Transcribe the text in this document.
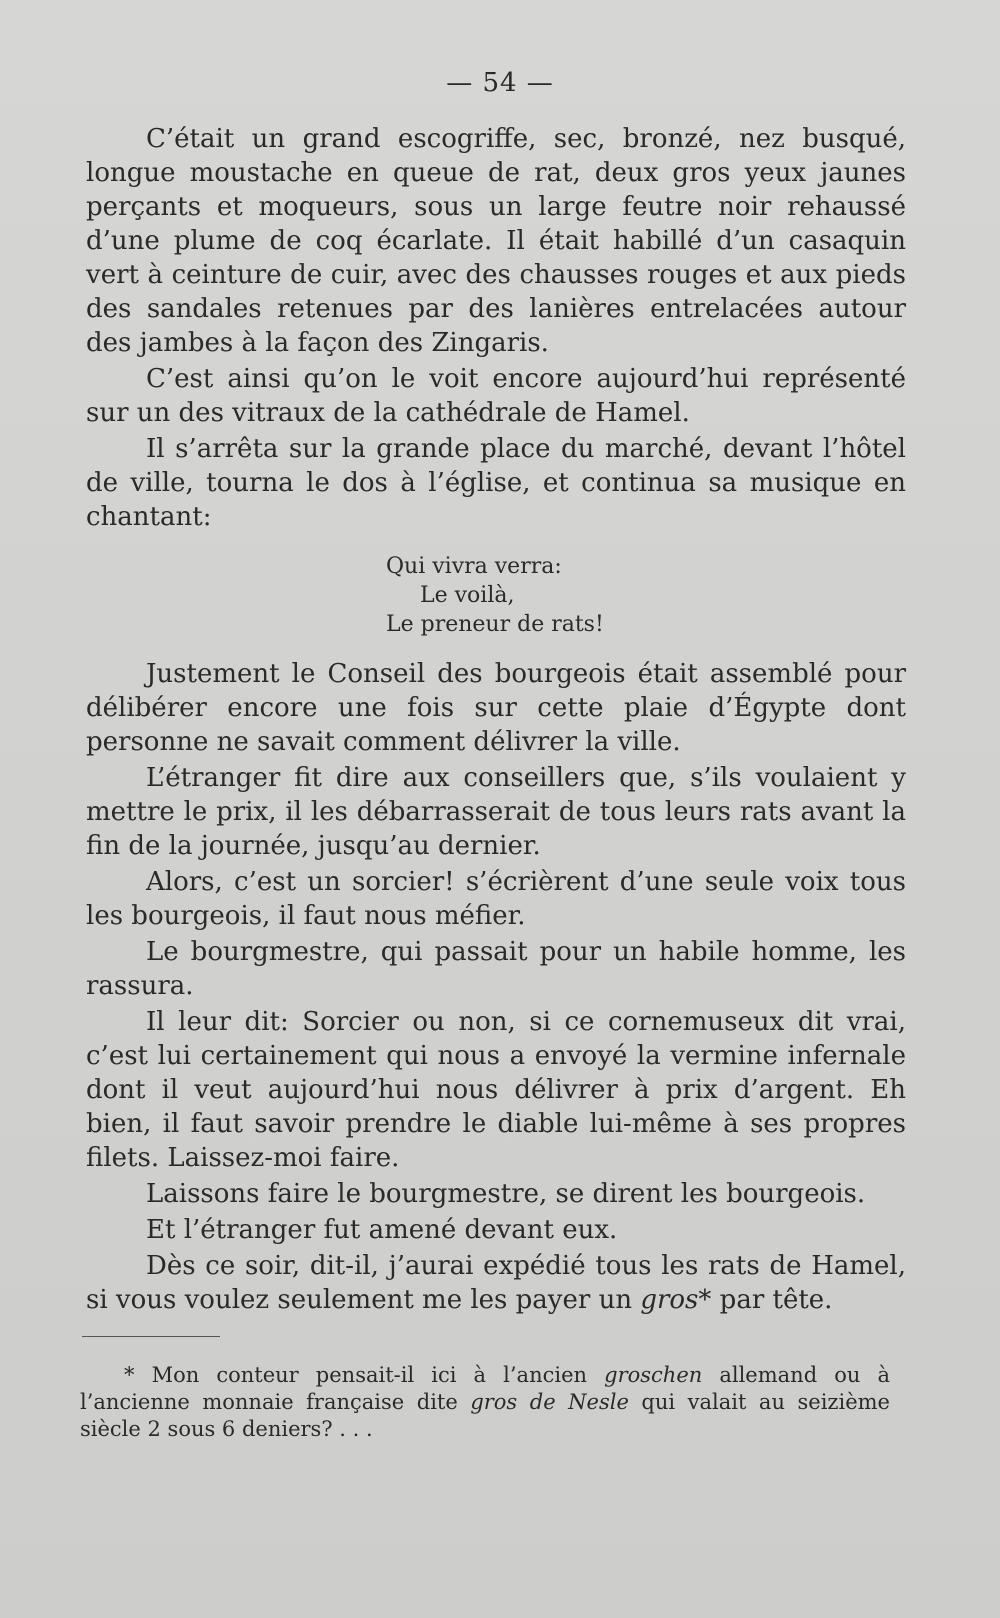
— 54 —

C’était un grand escogriffe, sec, bronzé, nez busqué, longue moustache en queue de rat, deux gros yeux jaunes perçants et moqueurs, sous un large feutre noir rehaussé d’une plume de coq écarlate. Il était habillé d’un casaquin vert à ceinture de cuir, avec des chausses rouges et aux pieds des sandales retenues par des lanières entrelacées autour des jambes à la façon des Zingaris.

C’est ainsi qu’on le voit encore aujourd’hui représenté sur un des vitraux de la cathédrale de Hamel.

Il s’arrêta sur la grande place du marché, devant l’hôtel de ville, tourna le dos à l’église, et continua sa musique en chantant:

Qui vivra verra:
Le voilà,
Le preneur de rats!

Justement le Conseil des bourgeois était assemblé pour délibérer encore une fois sur cette plaie d’Égypte dont personne ne savait comment délivrer la ville.

L’étranger fit dire aux conseillers que, s’ils voulaient y mettre le prix, il les débarrasserait de tous leurs rats avant la fin de la journée, jusqu’au dernier.

Alors, c’est un sorcier! s’écrièrent d’une seule voix tous les bourgeois, il faut nous méfier.

Le bourgmestre, qui passait pour un habile homme, les rassura.

Il leur dit: Sorcier ou non, si ce cornemuseux dit vrai, c’est lui certainement qui nous a envoyé la vermine infernale dont il veut aujourd’hui nous délivrer à prix d’argent. Eh bien, il faut savoir prendre le diable lui-même à ses propres filets. Laissez-moi faire.

Laissons faire le bourgmestre, se dirent les bourgeois.

Et l’étranger fut amené devant eux.

Dès ce soir, dit-il, j’aurai expédié tous les rats de Hamel, si vous voulez seulement me les payer un gros* par tête.

* Mon conteur pensait-il ici à l’ancien groschen allemand ou à l’ancienne monnaie française dite gros de Nesle qui valait au seizième siècle 2 sous 6 deniers? . . .
